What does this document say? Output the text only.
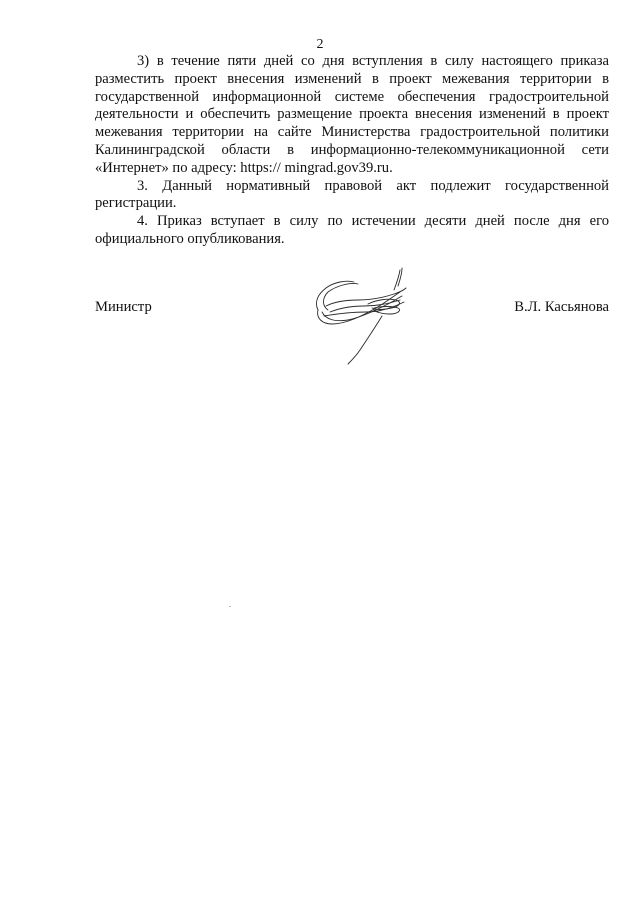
2

3) в течение пяти дней со дня вступления в силу настоящего приказа разместить проект внесения изменений в проект межевания территории в государственной информационной системе обеспечения градостроительной деятельности и обеспечить размещение проекта внесения изменений в проект межевания территории на сайте Министерства градостроительной политики Калининградской области в информационно-телекоммуникационной сети «Интернет» по адресу: https:// mingrad.gov39.ru.

3. Данный нормативный правовой акт подлежит государственной регистрации.

4. Приказ вступает в силу по истечении десяти дней после дня его официального опубликования.

Министр	В.Л. Касьянова
